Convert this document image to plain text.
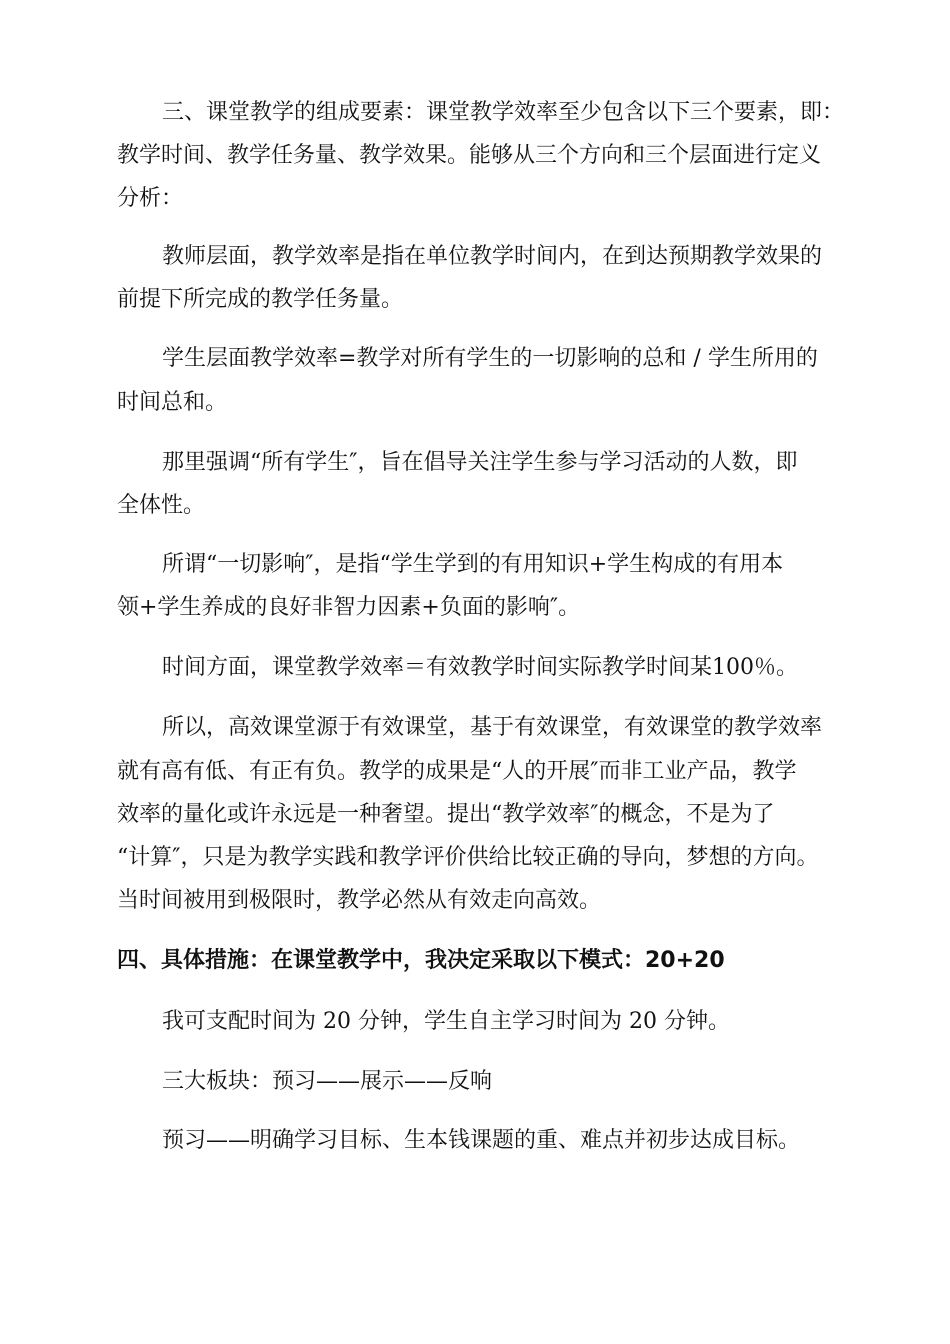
三、课堂教学的组成要素：课堂教学效率至少包含以下三个要素，即：
教学时间、教学任务量、教学效果。能够从三个方向和三个层面进行定义
分析：
教师层面，教学效率是指在单位教学时间内，在到达预期教学效果的
前提下所完成的教学任务量。
学生层面教学效率=教学对所有学生的一切影响的总和 / 学生所用的
时间总和。
那里强调“所有学生″，旨在倡导关注学生参与学习活动的人数，即
全体性。
所谓“一切影响″，是指“学生学到的有用知识+学生构成的有用本
领+学生养成的良好非智力因素+负面的影响″。
时间方面，课堂教学效率＝有效教学时间实际教学时间某100％。
所以，高效课堂源于有效课堂，基于有效课堂，有效课堂的教学效率
就有高有低、有正有负。教学的成果是“人的开展″而非工业产品，教学
效率的量化或许永远是一种奢望。提出“教学效率″的概念，不是为了
“计算″，只是为教学实践和教学评价供给比较正确的导向，梦想的方向。
当时间被用到极限时，教学必然从有效走向高效。
四、具体措施：在课堂教学中，我决定采取以下模式：20+20
我可支配时间为 20 分钟，学生自主学习时间为 20 分钟。
三大板块：预习——展示——反响
预习——明确学习目标、生本钱课题的重、难点并初步达成目标。
